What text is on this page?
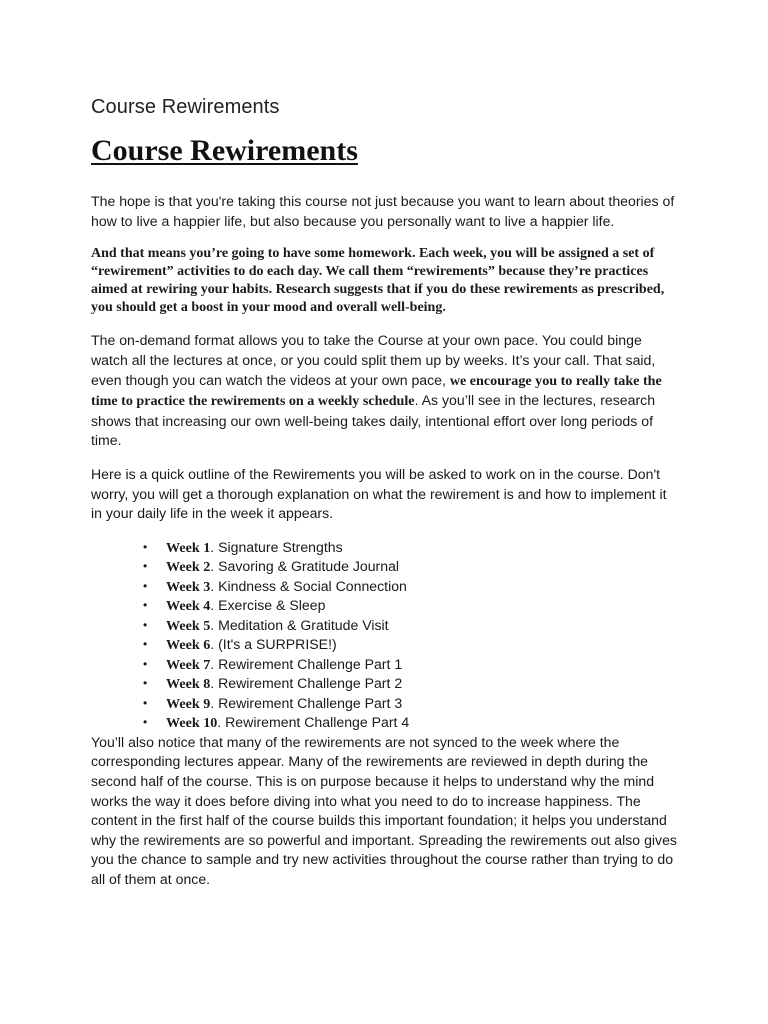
Course Rewirements
Course Rewirements

The hope is that you're taking this course not just because you want to learn about theories of how to live a happier life, but also because you personally want to live a happier life.

And that means you’re going to have some homework. Each week, you will be assigned a set of “rewirement” activities to do each day. We call them “rewirements” because they’re practices aimed at rewiring your habits. Research suggests that if you do these rewirements as prescribed, you should get a boost in your mood and overall well-being.

The on-demand format allows you to take the Course at your own pace. You could binge watch all the lectures at once, or you could split them up by weeks. It’s your call. That said, even though you can watch the videos at your own pace, we encourage you to really take the time to practice the rewirements on a weekly schedule. As you’ll see in the lectures, research shows that increasing our own well-being takes daily, intentional effort over long periods of time.

Here is a quick outline of the Rewirements you will be asked to work on in the course. Don't worry, you will get a thorough explanation on what the rewirement is and how to implement it in your daily life in the week it appears.

• Week 1. Signature Strengths
• Week 2. Savoring & Gratitude Journal
• Week 3. Kindness & Social Connection
• Week 4. Exercise & Sleep
• Week 5. Meditation & Gratitude Visit
• Week 6. (It's a SURPRISE!)
• Week 7. Rewirement Challenge Part 1
• Week 8. Rewirement Challenge Part 2
• Week 9. Rewirement Challenge Part 3
• Week 10. Rewirement Challenge Part 4

You’ll also notice that many of the rewirements are not synced to the week where the corresponding lectures appear. Many of the rewirements are reviewed in depth during the second half of the course. This is on purpose because it helps to understand why the mind works the way it does before diving into what you need to do to increase happiness. The content in the first half of the course builds this important foundation; it helps you understand why the rewirements are so powerful and important. Spreading the rewirements out also gives you the chance to sample and try new activities throughout the course rather than trying to do all of them at once.
